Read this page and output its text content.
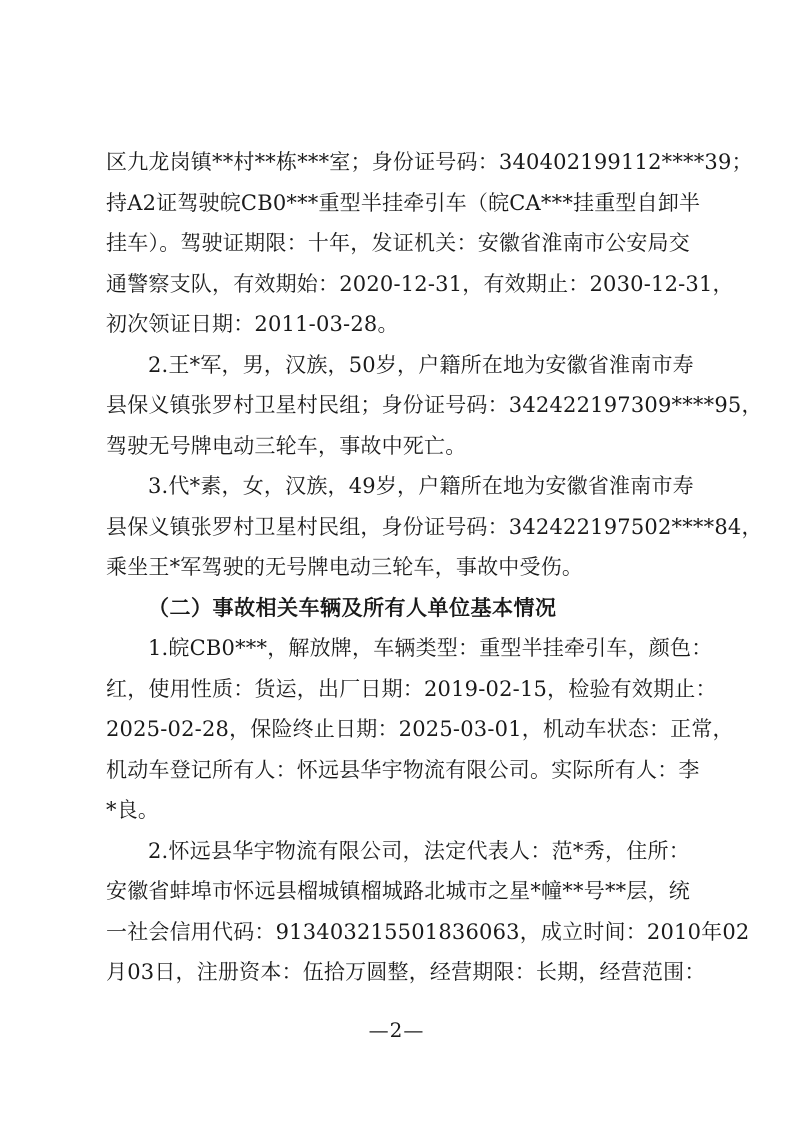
区九龙岗镇**村**栋***室；身份证号码：340402199112****39；

持A2证驾驶皖CB0***重型半挂牵引车（皖CA***挂重型自卸半

挂车）。驾驶证期限：十年，发证机关：安徽省淮南市公安局交

通警察支队，有效期始：2020-12-31，有效期止：2030-12-31，

初次领证日期：2011-03-28。

2.王*军，男，汉族，50岁，户籍所在地为安徽省淮南市寿

县保义镇张罗村卫星村民组；身份证号码：342422197309****95，

驾驶无号牌电动三轮车，事故中死亡。

3.代*素，女，汉族，49岁，户籍所在地为安徽省淮南市寿

县保义镇张罗村卫星村民组，身份证号码：342422197502****84，

乘坐王*军驾驶的无号牌电动三轮车，事故中受伤。

（二）事故相关车辆及所有人单位基本情况

1.皖CB0***，解放牌，车辆类型：重型半挂牵引车，颜色：

红，使用性质：货运，出厂日期：2019-02-15，检验有效期止：

2025-02-28，保险终止日期：2025-03-01，机动车状态：正常，

机动车登记所有人：怀远县华宇物流有限公司。实际所有人：李

*良。

2.怀远县华宇物流有限公司，法定代表人：范*秀，住所：

安徽省蚌埠市怀远县榴城镇榴城路北城市之星*幢**号**层，统

一社会信用代码：913403215501836063，成立时间：2010年02

月03日，注册资本：伍拾万圆整，经营期限：长期，经营范围：

—2—
